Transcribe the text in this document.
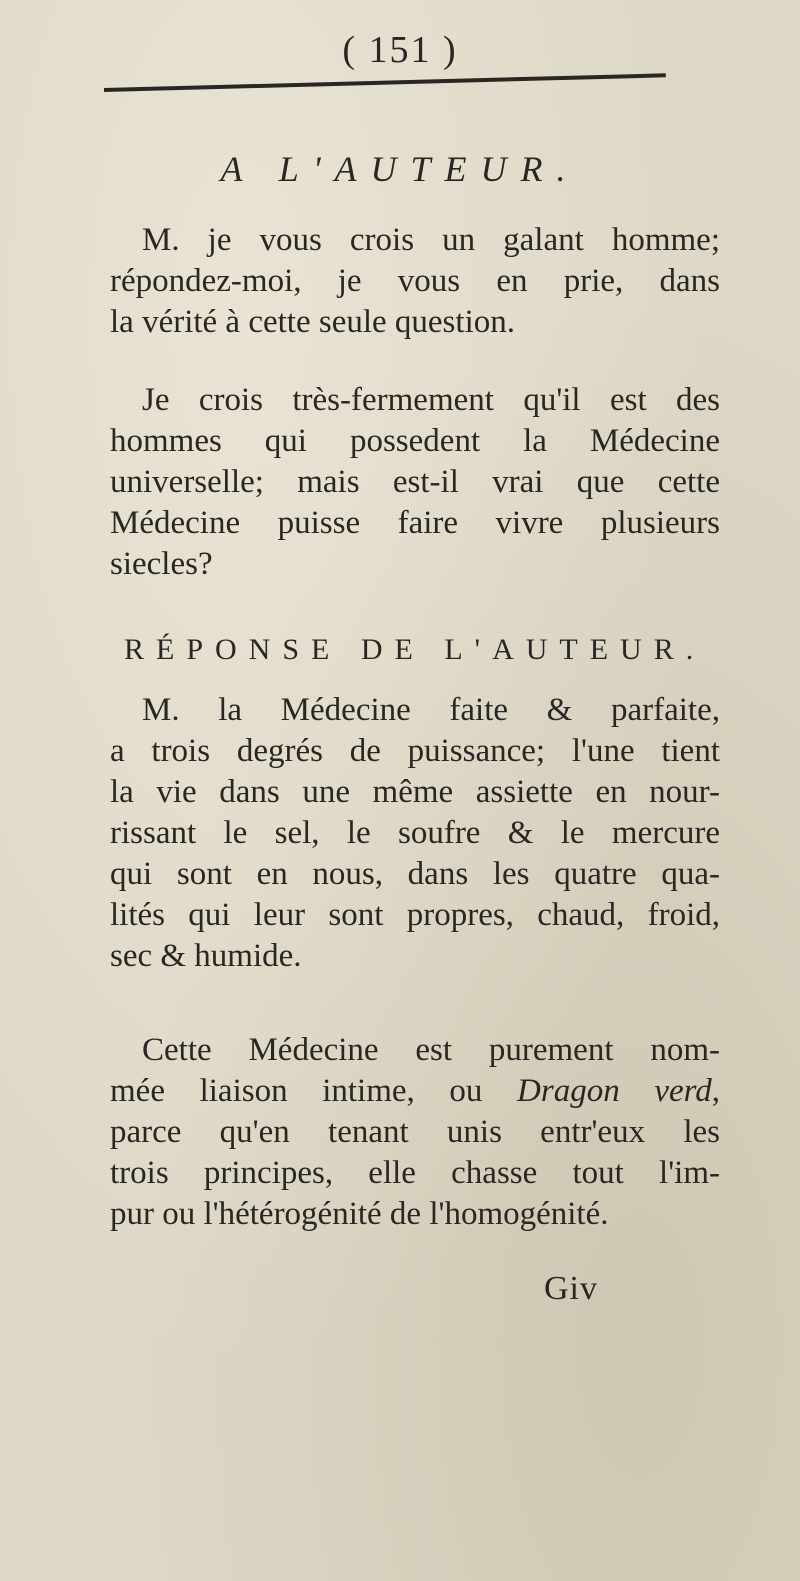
( 151 )
A L'AUTEUR.
M. je vous crois un galant homme;
répondez-moi, je vous en prie, dans
la vérité à cette seule question.
Je crois très-fermement qu'il est des
hommes qui possedent la Médecine
universelle; mais est-il vrai que cette
Médecine puisse faire vivre plusieurs
siecles?
RÉPONSE DE L'AUTEUR.
M. la Médecine faite & parfaite,
a trois degrés de puissance; l'une tient
la vie dans une même assiette en nour-
rissant le sel, le soufre & le mercure
qui sont en nous, dans les quatre qua-
lités qui leur sont propres, chaud, froid,
sec & humide.
Cette Médecine est purement nom-
mée liaison intime, ou Dragon verd,
parce qu'en tenant unis entr'eux les
trois principes, elle chasse tout l'im-
pur ou l'hétérogénité de l'homogénité.
Giv
